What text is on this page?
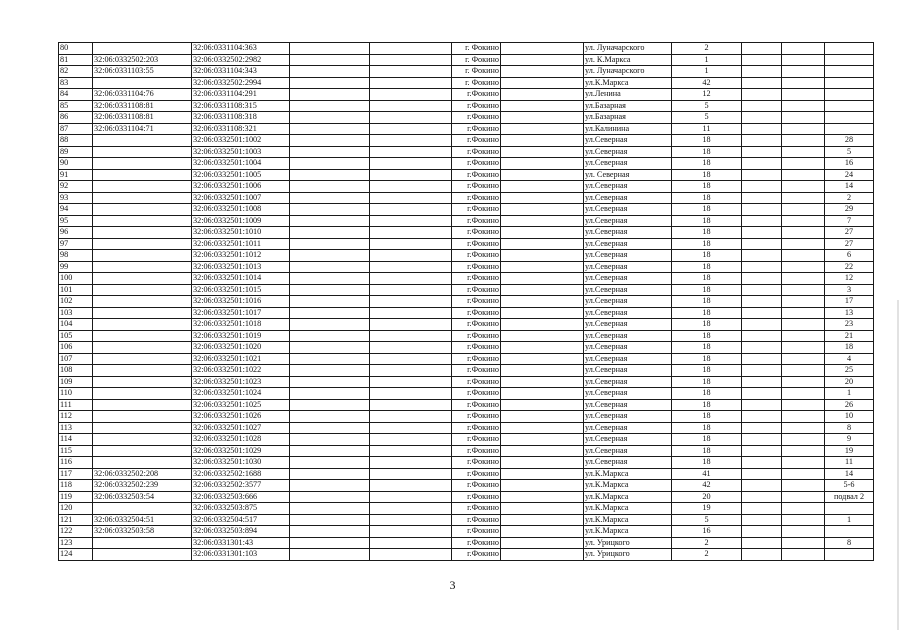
80		32:06:0331104:363			г. Фокино		ул. Луначарского	2			
81	32:06:0332502:203	32:06:0332502:2982			г. Фокино		ул. К.Маркса	1			
82	32:06:0331103:55	32:06:0331104:343			г. Фокино		ул. Луначарского	1			
83		32:06:0332502:2994			г. Фокино		ул.К.Маркса	42			
84	32:06:0331104:76	32:06:0331104:291			г.Фокино		ул.Ленина	12			
85	32:06:0331108:81	32:06:0331108:315			г.Фокино		ул.Базарная	5			
86	32:06:0331108:81	32:06:0331108:318			г.Фокино		ул.Базарная	5			
87	32:06:0331104:71	32:06:0331108:321			г.Фокино		ул.Калинина	11			
88		32:06:0332501:1002			г.Фокино		ул.Северная	18			28
89		32:06:0332501:1003			г.Фокино		ул.Северная	18			5
90		32:06:0332501:1004			г.Фокино		ул.Северная	18			16
91		32:06:0332501:1005			г.Фокино		ул. Северная	18			24
92		32:06:0332501:1006			г.Фокино		ул.Северная	18			14
93		32:06:0332501:1007			г.Фокино		ул.Северная	18			2
94		32:06:0332501:1008			г.Фокино		ул.Северная	18			29
95		32:06:0332501:1009			г.Фокино		ул.Северная	18			7
96		32:06:0332501:1010			г.Фокино		ул.Северная	18			27
97		32:06:0332501:1011			г.Фокино		ул.Северная	18			27
98		32:06:0332501:1012			г.Фокино		ул.Северная	18			6
99		32:06:0332501:1013			г.Фокино		ул.Северная	18			22
100		32:06:0332501:1014			г.Фокино		ул.Северная	18			12
101		32:06:0332501:1015			г.Фокино		ул.Северная	18			3
102		32:06:0332501:1016			г.Фокино		ул.Северная	18			17
103		32:06:0332501:1017			г.Фокино		ул.Северная	18			13
104		32:06:0332501:1018			г.Фокино		ул.Северная	18			23
105		32:06:0332501:1019			г.Фокино		ул.Северная	18			21
106		32:06:0332501:1020			г.Фокино		ул.Северная	18			18
107		32:06:0332501:1021			г.Фокино		ул.Северная	18			4
108		32:06:0332501:1022			г.Фокино		ул.Северная	18			25
109		32:06:0332501:1023			г.Фокино		ул.Северная	18			20
110		32:06:0332501:1024			г.Фокино		ул.Северная	18			1
111		32:06:0332501:1025			г.Фокино		ул.Северная	18			26
112		32:06:0332501:1026			г.Фокино		ул.Северная	18			10
113		32:06:0332501:1027			г.Фокино		ул.Северная	18			8
114		32:06:0332501:1028			г.Фокино		ул.Северная	18			9
115		32:06:0332501:1029			г.Фокино		ул.Северная	18			19
116		32:06:0332501:1030			г.Фокино		ул.Северная	18			11
117	32:06:0332502:208	32:06:0332502:1688			г.Фокино		ул.К.Маркса	41			14
118	32:06:0332502:239	32:06:0332502:3577			г.Фокино		ул.К.Маркса	42			5-6
119	32:06:0332503:54	32:06:0332503:666			г.Фокино		ул.К.Маркса	20			подвал 2
120		32:06:0332503:875			г.Фокино		ул.К.Маркса	19			
121	32:06:0332504:51	32:06:0332504:517			г.Фокино		ул.К.Маркса	5			1
122	32:06:0332503:58	32:06:0332503:894			г.Фокино		ул.К.Маркса	16			
123		32:06:0331301:43			г.Фокино		ул. Урицкого	2			8
124		32:06:0331301:103			г.Фокино		ул. Урицкого	2			
3
